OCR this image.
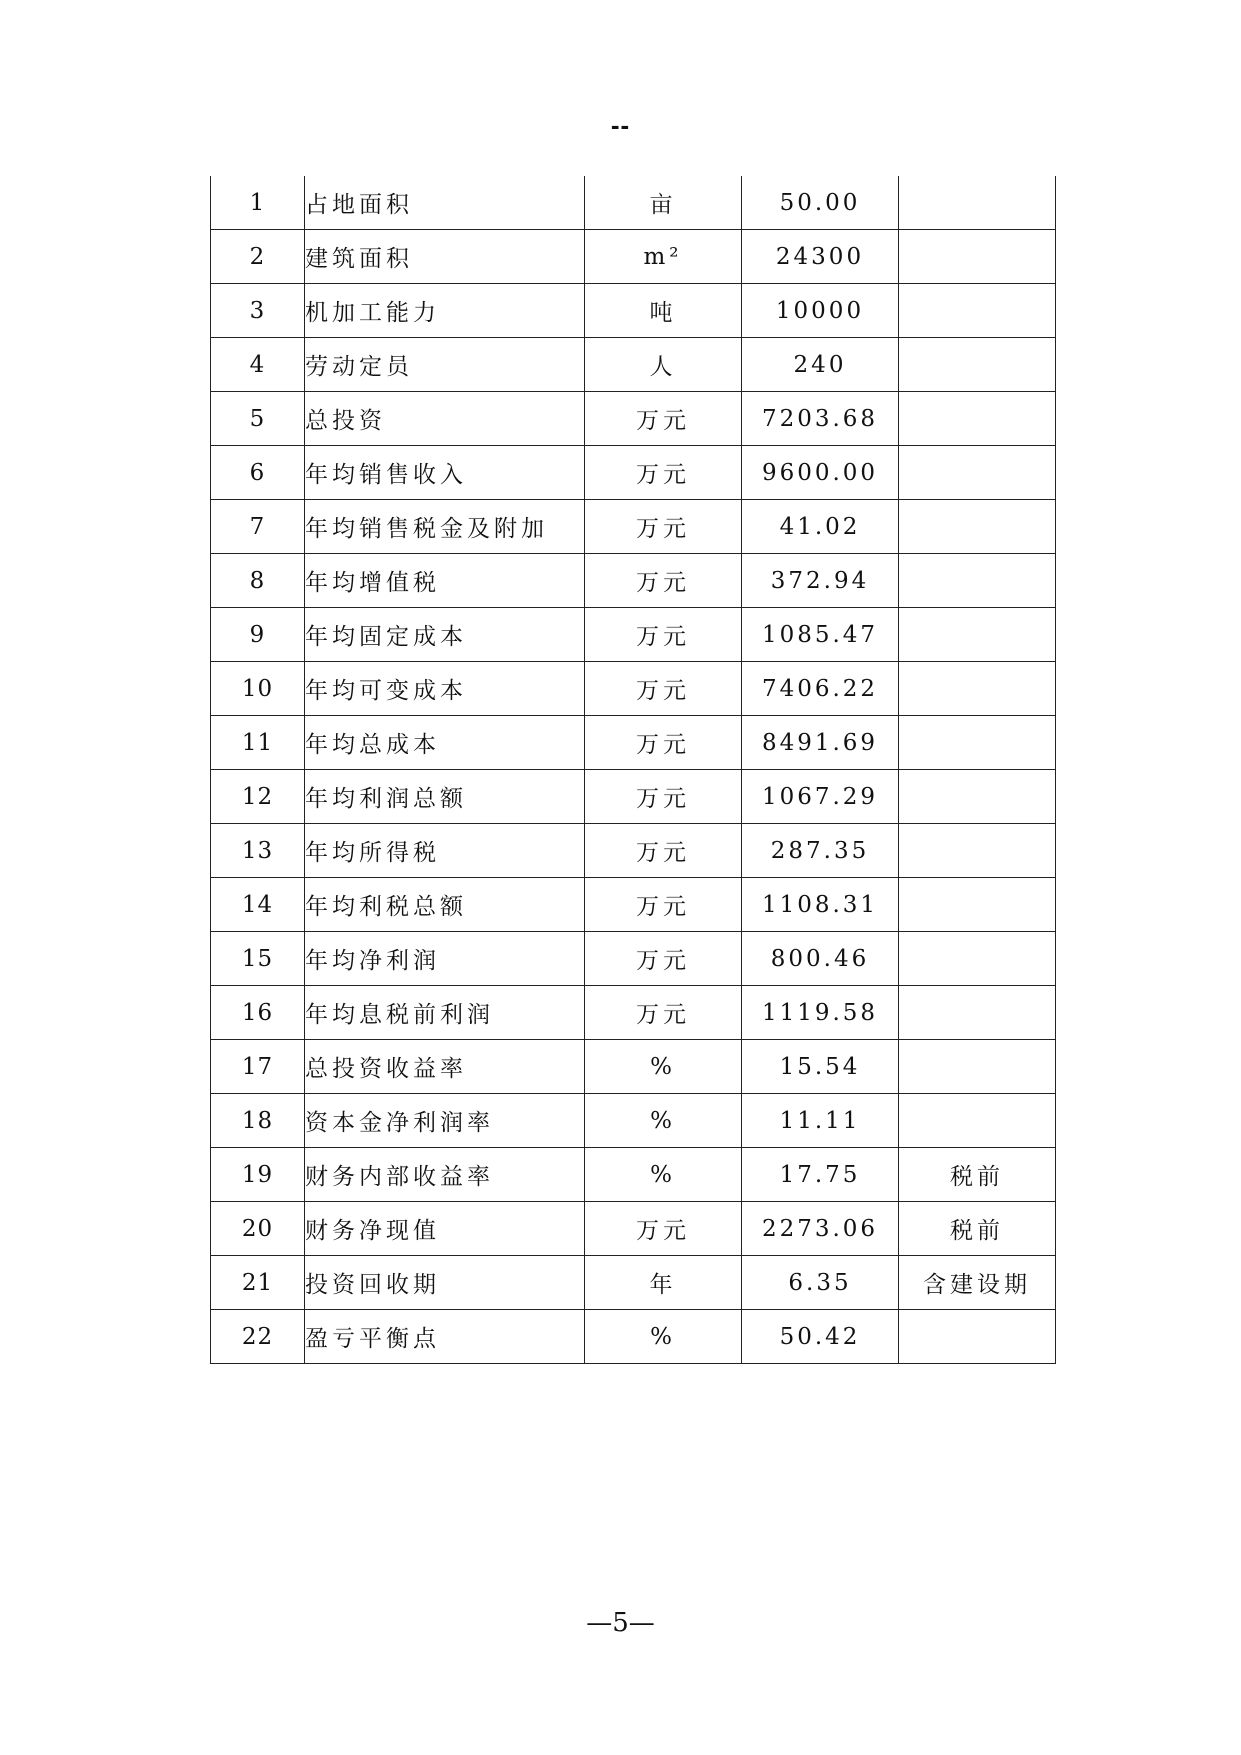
--
1	占地面积	亩	50.00	
2	建筑面积	m²	24300	
3	机加工能力	吨	10000	
4	劳动定员	人	240	
5	总投资	万元	7203.68	
6	年均销售收入	万元	9600.00	
7	年均销售税金及附加	万元	41.02	
8	年均增值税	万元	372.94	
9	年均固定成本	万元	1085.47	
10	年均可变成本	万元	7406.22	
11	年均总成本	万元	8491.69	
12	年均利润总额	万元	1067.29	
13	年均所得税	万元	287.35	
14	年均利税总额	万元	1108.31	
15	年均净利润	万元	800.46	
16	年均息税前利润	万元	1119.58	
17	总投资收益率	%	15.54	
18	资本金净利润率	%	11.11	
19	财务内部收益率	%	17.75	税前
20	财务净现值	万元	2273.06	税前
21	投资回收期	年	6.35	含建设期
22	盈亏平衡点	%	50.42	
—5—
